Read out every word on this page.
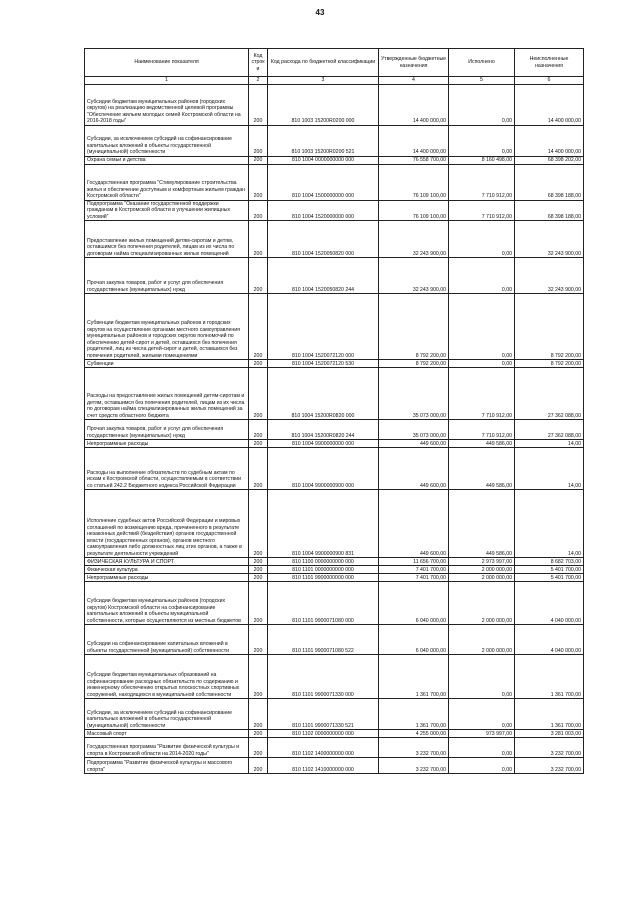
43
Наименование показателя	Код строк и	Код расхода по бюджетной классификации	Утвержденные бюджетные назначения	Исполнено	Неисполненные назначения
1	2	3	4	5	6
Субсидии бюджетам муниципальных районов (городских округов) на реализацию ведомственной целевой программы "Обеспечение жильем молодых семей Костромской области на 2016-2018 годы"	200	810 1003 15200R0200 000	14 400 000,00	0,00	14 400 000,00
Субсидии, за исключением субсидий на софинансирование капитальных вложений в объекты государственной (муниципальной) собственности	200	810 1003 15200R0200 521	14 400 000,00	0,00	14 400 000,00
Охрана семьи и детства	200	810 1004 0000000000 000	76 558 700,00	8 160 498,00	68 398 202,00
Государственная программа "Стимулирование строительства жилья и обеспечение доступным и комфортным жильем граждан Костромской области"	200	810 1004 1500000000 000	76 109 100,00	7 710 912,00	68 398 188,00
Подпрограмма "Оказание государственной поддержки гражданам в Костромской области в улучшении жилищных условий"	200	810 1004 1520000000 000	76 109 100,00	7 710 912,00	68 398 188,00
Предоставление жилых помещений детям-сиротам и детям, оставшимся без попечения родителей, лицам из их числа по договорам найма специализированных жилых помещений	200	810 1004 1520050820 000	32 243 900,00	0,00	32 243 900,00
Прочая закупка товаров, работ и услуг для обеспечения государственных (муниципальных) нужд	200	810 1004 1520050820 244	32 243 900,00	0,00	32 243 900,00
Субвенции бюджетам муниципальных районов и городских округов на осуществление органами местного самоуправления муниципальных районов и городских округов полномочий по обеспечению детей-сирот и детей, оставшихся без попечения родителей, лиц из числа детей-сирот и детей, оставшихся без попечения родителей, жилыми помещениями	200	810 1004 1520072120 000	8 792 200,00	0,00	8 792 200,00
Субвенции	200	810 1004 1520072120 530	8 792 200,00	0,00	8 792 200,00
Расходы на предоставление жилых помещений детям-сиротам и детям, оставшимся без попечения родителей, лицам из их числа по договорам найма специализированных жилых помещений за счет средств областного бюджета	200	810 1004 15200R0820 000	35 073 000,00	7 710 912,00	27 362 088,00
Прочая закупка товаров, работ и услуг для обеспечения государственных (муниципальных) нужд	200	810 1004 15200R0820 244	35 073 000,00	7 710 912,00	27 362 088,00
Непрограммные расходы	200	810 1004 9900000000 000	449 600,00	449 586,00	14,00
Расходы на выполнение обязательств по судебным актам по искам к Костромской области, осуществляемым в соответствии со статьей 242.2 Бюджетного кодекса Российской Федерации	200	810 1004 9900000900 000	449 600,00	449 586,00	14,00
Исполнение судебных актов Российской Федерации и мировых соглашений по возмещению вреда, причиненного в результате незаконных действий (бездействия) органов государственной власти (государственных органов), органов местного самоуправления либо должностных лиц этих органов, а также в результате деятельности учреждений	200	810 1004 9900000900 831	449 600,00	449 586,00	14,00
ФИЗИЧЕСКАЯ КУЛЬТУРА И СПОРТ	200	810 1100 0000000000 000	11 656 700,00	2 973 997,00	8 682 703,00
Физическая культура	200	810 1101 0000000000 000	7 401 700,00	2 000 000,00	5 401 700,00
Непрограммные расходы	200	810 1101 9900000000 000	7 401 700,00	2 000 000,00	5 401 700,00
Субсидии бюджетам муниципальных районов (городских округов) Костромской области на софинансирование капитальных вложений в объекты муниципальной собственности, которые осуществляются из местных бюджетов	200	810 1101 9900071080 000	6 040 000,00	2 000 000,00	4 040 000,00
Субсидии на софинансирование капитальных вложений в объекты государственной (муниципальной) собственности	200	810 1101 9900071080 522	6 040 000,00	2 000 000,00	4 040 000,00
Субсидии бюджетам муниципальных образований на софинансирование расходных обязательств по содержанию и инженерному обеспечению открытых плоскостных спортивных сооружений, находящихся в муниципальной собственности	200	810 1101 9900071330 000	1 361 700,00	0,00	1 361 700,00
Субсидии, за исключением субсидий на софинансирование капитальных вложений в объекты государственной (муниципальной) собственности	200	810 1101 9900071330 521	1 361 700,00	0,00	1 361 700,00
Массовый спорт	200	810 1102 0000000000 000	4 255 000,00	973 997,00	3 281 003,00
Государственная программа "Развитие физической культуры и спорта в Костромской области на 2014-2020 годы"	200	810 1102 1400000000 000	3 232 700,00	0,00	3 232 700,00
Подпрограмма "Развитие физической культуры и массового спорта"	200	810 1102 1410000000 000	3 232 700,00	0,00	3 232 700,00
